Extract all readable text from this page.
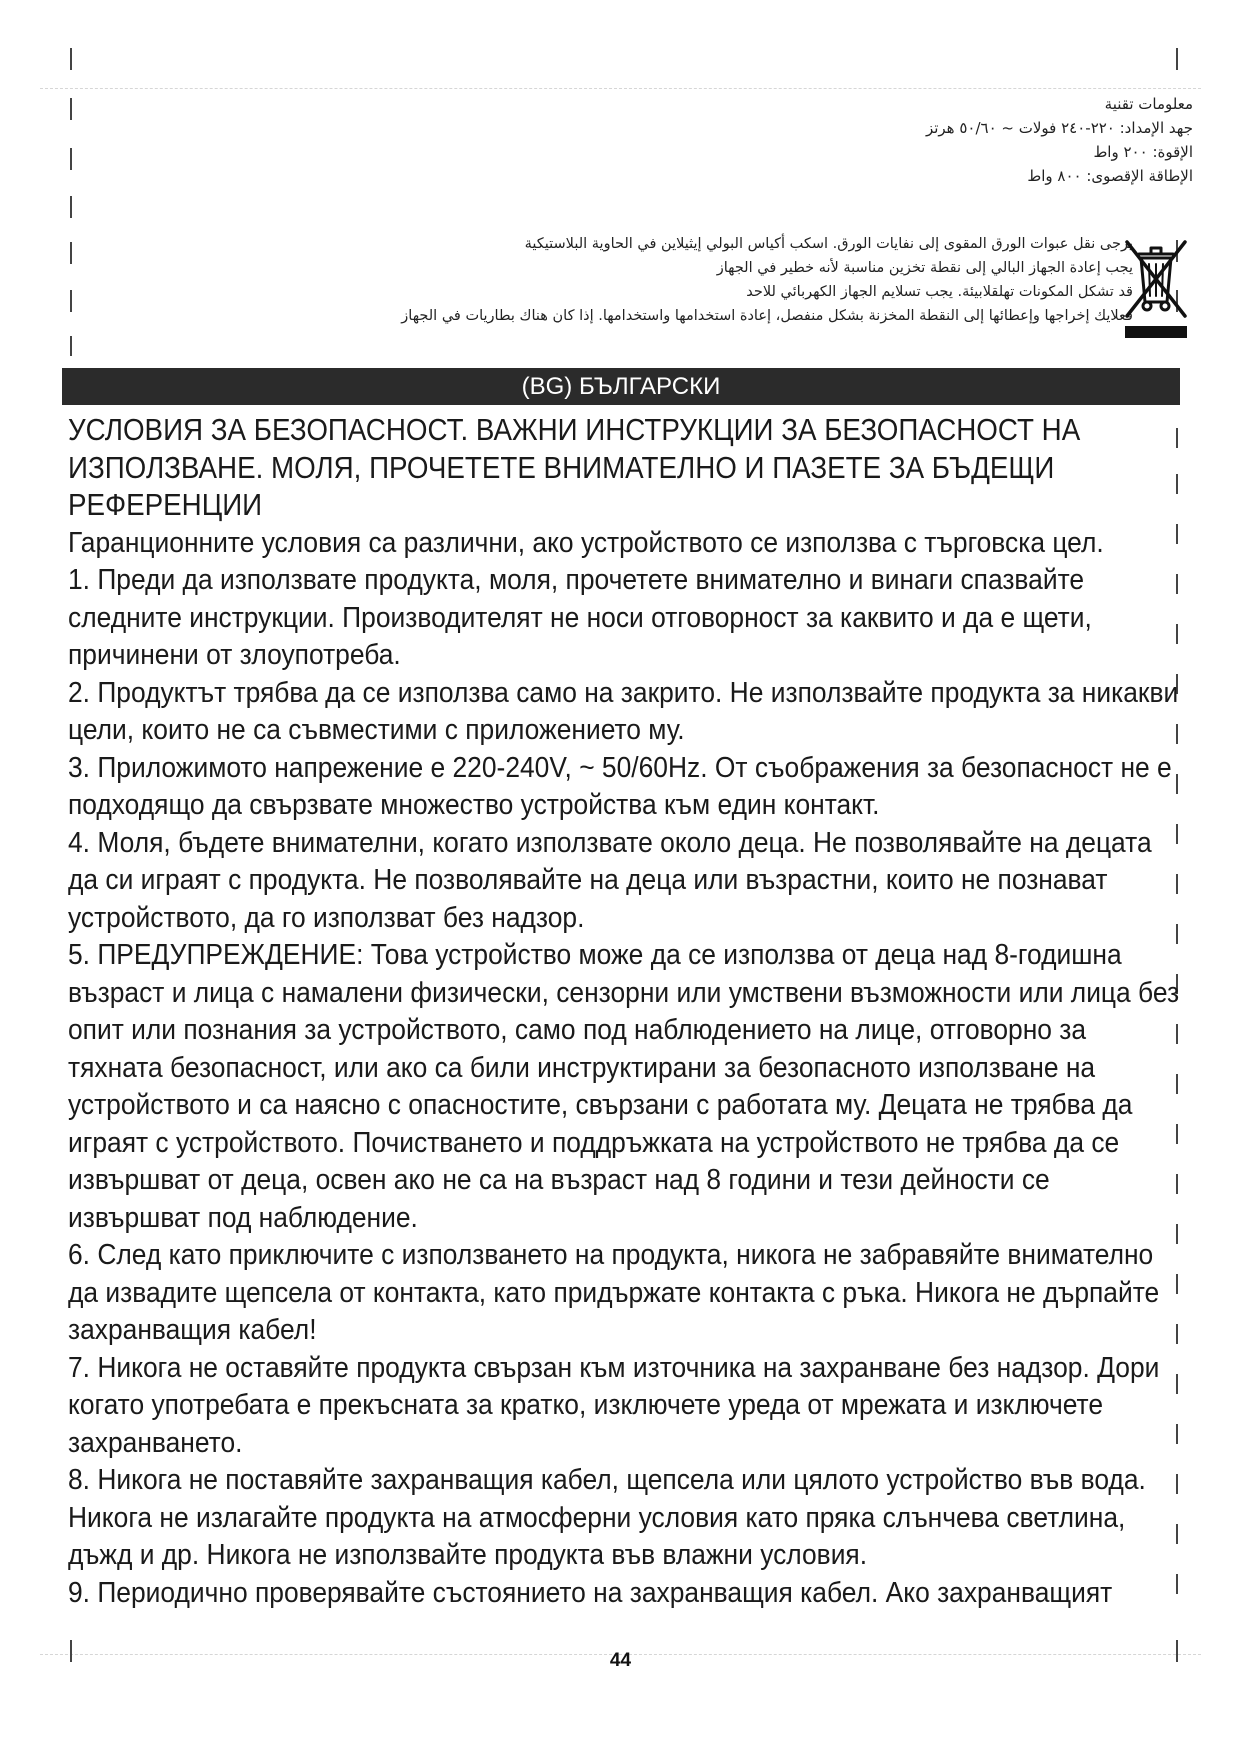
معلومات تقنية
جهد الإمداد: ٢٢٠-٢٤٠ فولات ~ ٥٠/٦٠ هرتز
الإقوة: ٢٠٠ واط
الإطاقة الإقصوى: ٨٠٠ واط
يرجى نقل عبوات الورق المقوى إلى نفايات الورق. اسكب أكياس البولي إيثيلاين في الحاوية البلاستيكية
يجب إعادة الجهاز البالي إلى نقطة تخزين مناسبة لأنه خطير في الجهاز
قد تشكل المكونات تهلقلابيئة. يجب تسلايم الجهاز الكهربائي للاحد
فعلايك إخراجها وإعطائها إلى النقطة المخزنة بشكل منفصل، إعادة استخدامها واستخدامها. إذا كان هناك بطاريات في الجهاز
(BG) БЪЛГАРСКИ

УСЛОВИЯ ЗА БЕЗОПАСНОСТ. ВАЖНИ ИНСТРУКЦИИ ЗА БЕЗОПАСНОСТ НА ИЗПОЛЗВАНЕ. МОЛЯ, ПРОЧЕТЕТЕ ВНИМАТЕЛНО И ПАЗЕТЕ ЗА БЪДЕЩИ РЕФЕРЕНЦИИ

Гаранционните условия са различни, ако устройството се използва с търговска цел.

1. Преди да използвате продукта, моля, прочетете внимателно и винаги спазвайте следните инструкции. Производителят не носи отговорност за каквито и да е щети, причинени от злоупотреба.

2. Продуктът трябва да се използва само на закрито. Не използвайте продукта за никакви цели, които не са съвместими с приложението му.

3. Приложимото напрежение е 220-240V, ~ 50/60Hz. От съображения за безопасност не е подходящо да свързвате множество устройства към един контакт.

4. Моля, бъдете внимателни, когато използвате около деца. Не позволявайте на децата да си играят с продукта. Не позволявайте на деца или възрастни, които не познават устройството, да го използват без надзор.

5. ПРЕДУПРЕЖДЕНИЕ: Това устройство може да се използва от деца над 8-годишна възраст и лица с намалени физически, сензорни или умствени възможности или лица без опит или познания за устройството, само под наблюдението на лице, отговорно за тяхната безопасност, или ако са били инструктирани за безопасното използване на устройството и са наясно с опасностите, свързани с работата му. Децата не трябва да играят с устройството. Почистването и поддръжката на устройството не трябва да се извършват от деца, освен ако не са на възраст над 8 години и тези дейности се извършват под наблюдение.

6. След като приключите с използването на продукта, никога не забравяйте внимателно да извадите щепсела от контакта, като придържате контакта с ръка. Никога не дърпайте захранващия кабел!

7. Никога не оставяйте продукта свързан към източника на захранване без надзор. Дори когато употребата е прекъсната за кратко, изключете уреда от мрежата и изключете захранването.

8. Никога не поставяйте захранващия кабел, щепсела или цялото устройство във вода. Никога не излагайте продукта на атмосферни условия като пряка слънчева светлина, дъжд и др. Никога не използвайте продукта във влажни условия.

9. Периодично проверявайте състоянието на захранващия кабел. Ако захранващият

44
